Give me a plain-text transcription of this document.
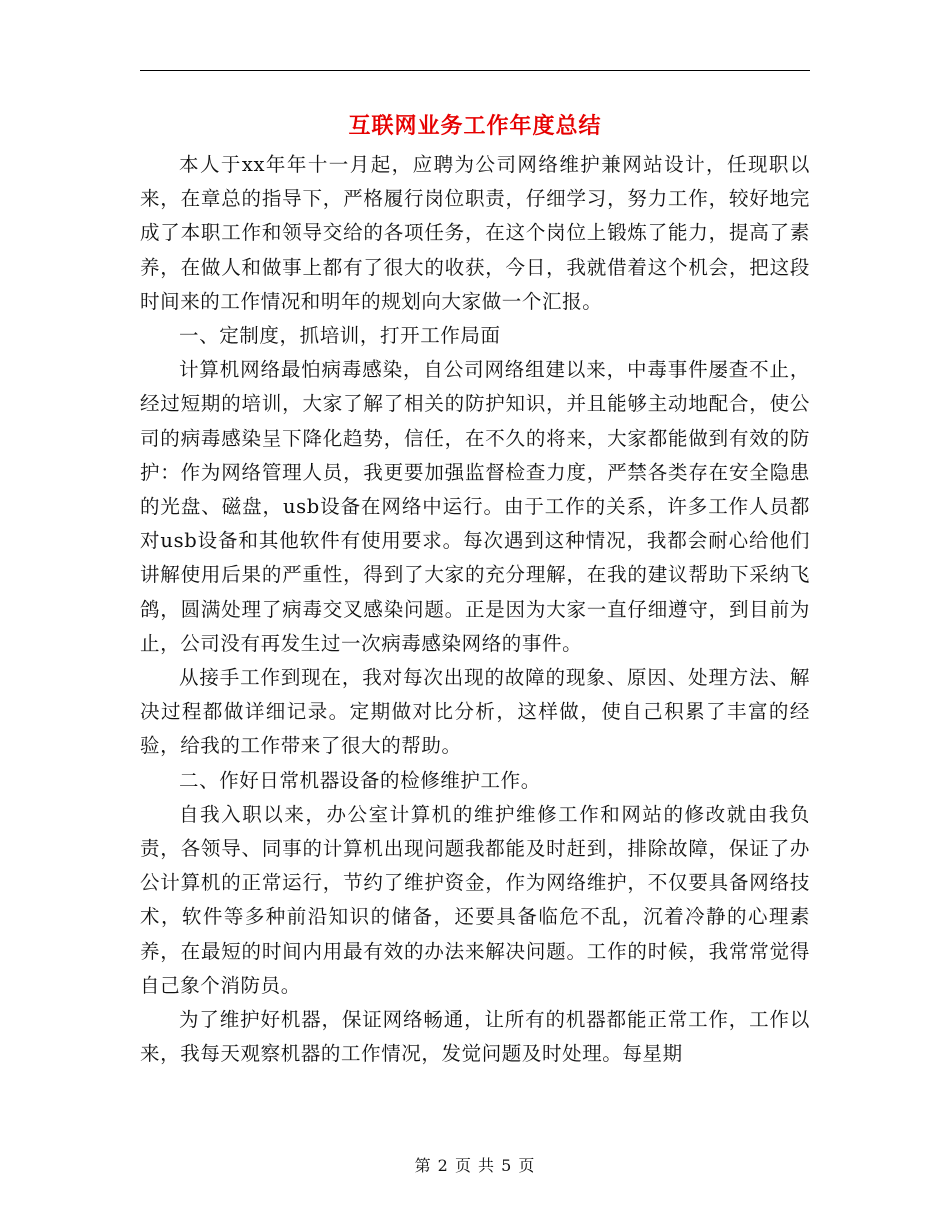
互联网业务工作年度总结

本人于xx年年十一月起，应聘为公司网络维护兼网站设计，任现职以来，在章总的指导下，严格履行岗位职责，仔细学习，努力工作，较好地完成了本职工作和领导交给的各项任务，在这个岗位上锻炼了能力，提高了素养，在做人和做事上都有了很大的收获，今日，我就借着这个机会，把这段时间来的工作情况和明年的规划向大家做一个汇报。

一、定制度，抓培训，打开工作局面

计算机网络最怕病毒感染，自公司网络组建以来，中毒事件屡查不止，经过短期的培训，大家了解了相关的防护知识，并且能够主动地配合，使公司的病毒感染呈下降化趋势，信任，在不久的将来，大家都能做到有效的防护：作为网络管理人员，我更要加强监督检查力度，严禁各类存在安全隐患的光盘、磁盘，usb设备在网络中运行。由于工作的关系，许多工作人员都对usb设备和其他软件有使用要求。每次遇到这种情况，我都会耐心给他们讲解使用后果的严重性，得到了大家的充分理解，在我的建议帮助下采纳飞鸽，圆满处理了病毒交叉感染问题。正是因为大家一直仔细遵守，到目前为止，公司没有再发生过一次病毒感染网络的事件。

从接手工作到现在，我对每次出现的故障的现象、原因、处理方法、解决过程都做详细记录。定期做对比分析，这样做，使自己积累了丰富的经验，给我的工作带来了很大的帮助。

二、作好日常机器设备的检修维护工作。

自我入职以来，办公室计算机的维护维修工作和网站的修改就由我负责，各领导、同事的计算机出现问题我都能及时赶到，排除故障，保证了办公计算机的正常运行，节约了维护资金，作为网络维护，不仅要具备网络技术，软件等多种前沿知识的储备，还要具备临危不乱，沉着冷静的心理素养，在最短的时间内用最有效的办法来解决问题。工作的时候，我常常觉得自己象个消防员。

为了维护好机器，保证网络畅通，让所有的机器都能正常工作，工作以来，我每天观察机器的工作情况，发觉问题及时处理。每星期

第 2 页 共 5 页
